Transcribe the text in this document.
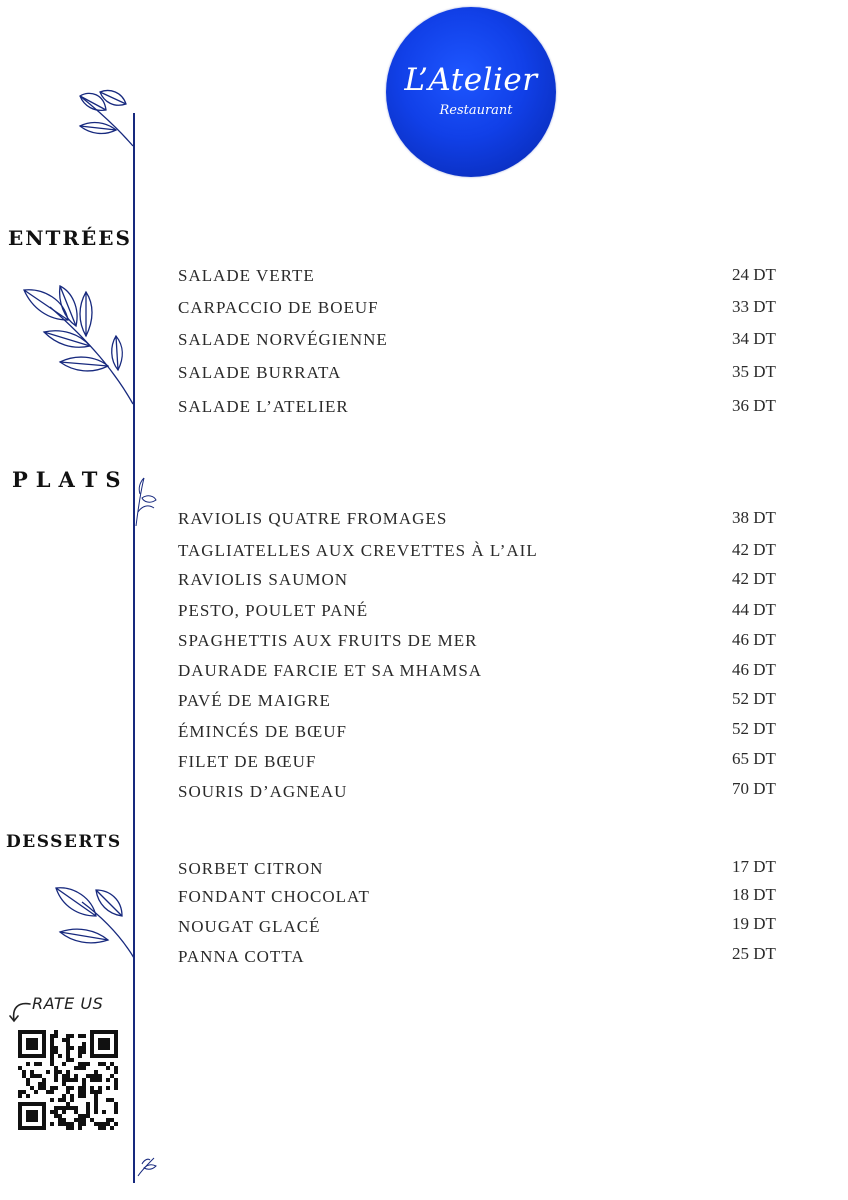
L’Atelier
Restaurant
ENTRÉES
SALADE VERTE	24 DT
CARPACCIO DE BOEUF	33 DT
SALADE NORVÉGIENNE	34 DT
SALADE BURRATA	35 DT
SALADE L’ATELIER	36 DT
PLATS
RAVIOLIS QUATRE FROMAGES	38 DT
TAGLIATELLES AUX CREVETTES À L’AIL	42 DT
RAVIOLIS SAUMON	42 DT
PESTO, POULET PANÉ	44 DT
SPAGHETTIS AUX FRUITS DE MER	46 DT
DAURADE FARCIE ET SA MHAMSA	46 DT
PAVÉ DE MAIGRE	52 DT
ÉMINCÉS DE BŒUF	52 DT
FILET DE BŒUF	65 DT
SOURIS D’AGNEAU	70 DT
DESSERTS
SORBET CITRON	17 DT
FONDANT CHOCOLAT	18 DT
NOUGAT GLACÉ	19 DT
PANNA COTTA	25 DT
RATE US
